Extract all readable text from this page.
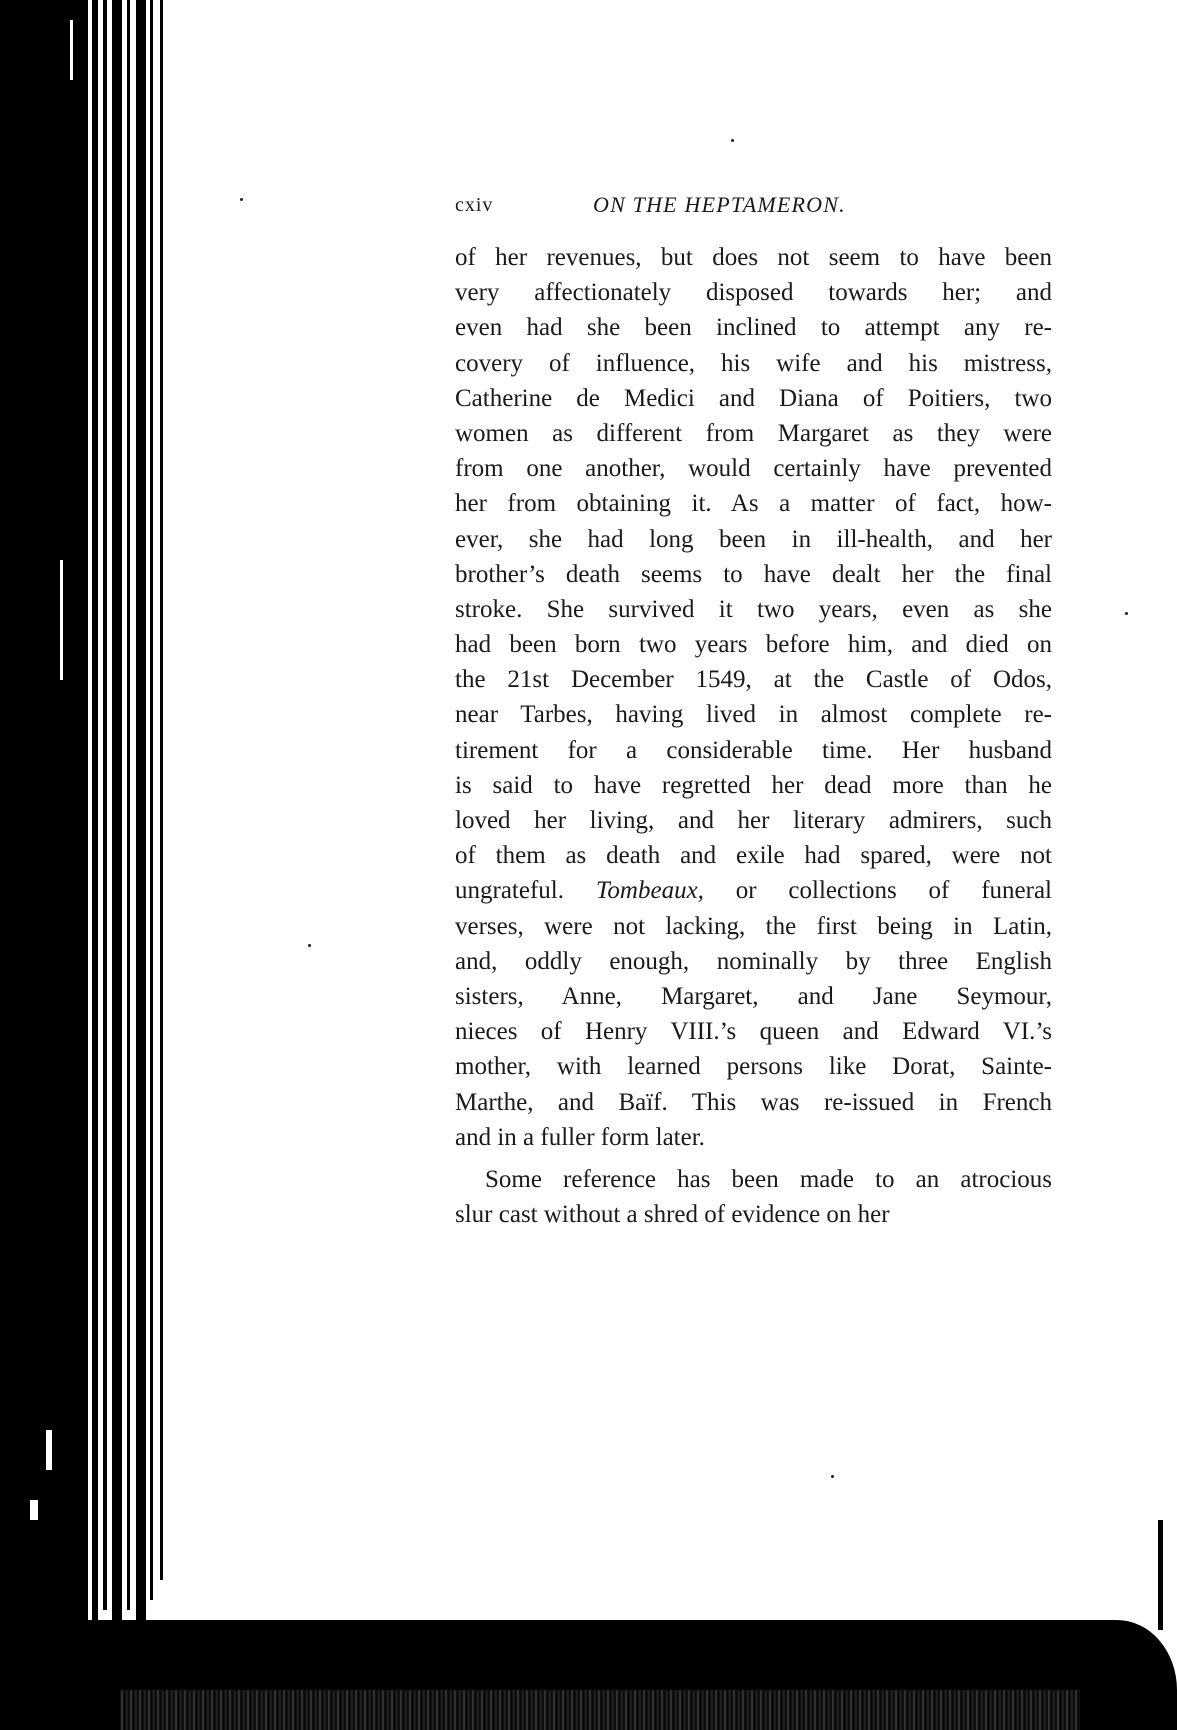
cxiv	ON THE HEPTAMERON.
of her revenues, but does not seem to have been
very affectionately disposed towards her; and
even had she been inclined to attempt any re-
covery of influence, his wife and his mistress,
Catherine de Medici and Diana of Poitiers, two
women as different from Margaret as they were
from one another, would certainly have prevented
her from obtaining it. As a matter of fact, how-
ever, she had long been in ill-health, and her
brother’s death seems to have dealt her the final
stroke. She survived it two years, even as she
had been born two years before him, and died on
the 21st December 1549, at the Castle of Odos,
near Tarbes, having lived in almost complete re-
tirement for a considerable time. Her husband
is said to have regretted her dead more than he
loved her living, and her literary admirers, such
of them as death and exile had spared, were not
ungrateful. Tombeaux, or collections of funeral
verses, were not lacking, the first being in Latin,
and, oddly enough, nominally by three English
sisters, Anne, Margaret, and Jane Seymour,
nieces of Henry VIII.’s queen and Edward VI.’s
mother, with learned persons like Dorat, Sainte-
Marthe, and Baïf. This was re-issued in French
and in a fuller form later.
Some reference has been made to an atrocious
slur cast without a shred of evidence on her
